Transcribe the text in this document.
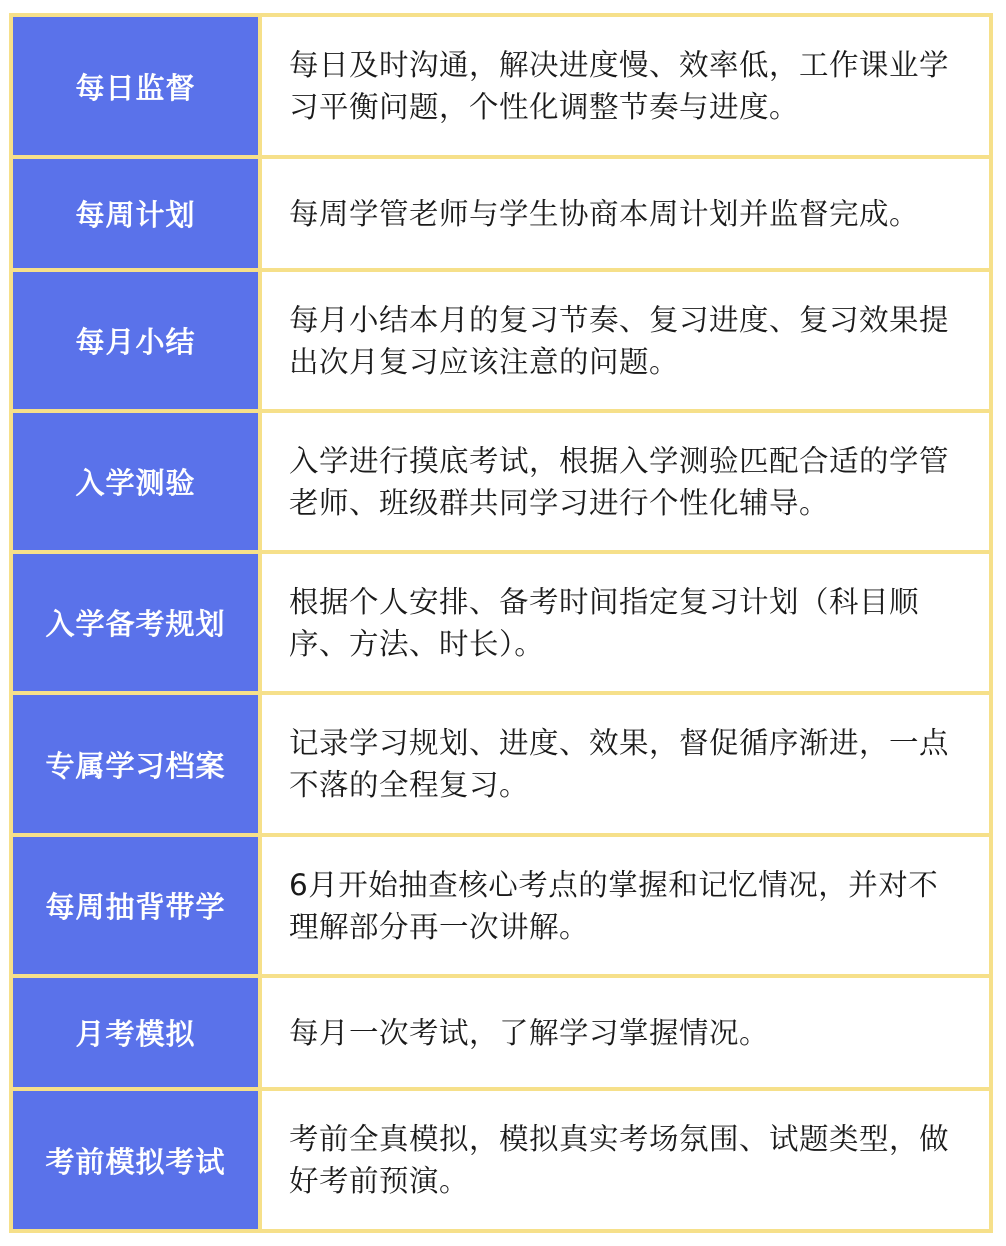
每日监督
每日及时沟通，解决进度慢、效率低，工作课业学习平衡问题，个性化调整节奏与进度。
每周计划	每周学管老师与学生协商本周计划并监督完成。
每月小结
每月小结本月的复习节奏、复习进度、复习效果提出次月复习应该注意的问题。
入学测验
入学进行摸底考试，根据入学测验匹配合适的学管老师、班级群共同学习进行个性化辅导。
入学备考规划
根据个人安排、备考时间指定复习计划（科目顺序、方法、时长）。
专属学习档案
记录学习规划、进度、效果，督促循序渐进，一点不落的全程复习。
每周抽背带学
6月开始抽查核心考点的掌握和记忆情况，并对不理解部分再一次讲解。
月考模拟	每月一次考试，了解学习掌握情况。
考前模拟考试
考前全真模拟，模拟真实考场氛围、试题类型，做好考前预演。
